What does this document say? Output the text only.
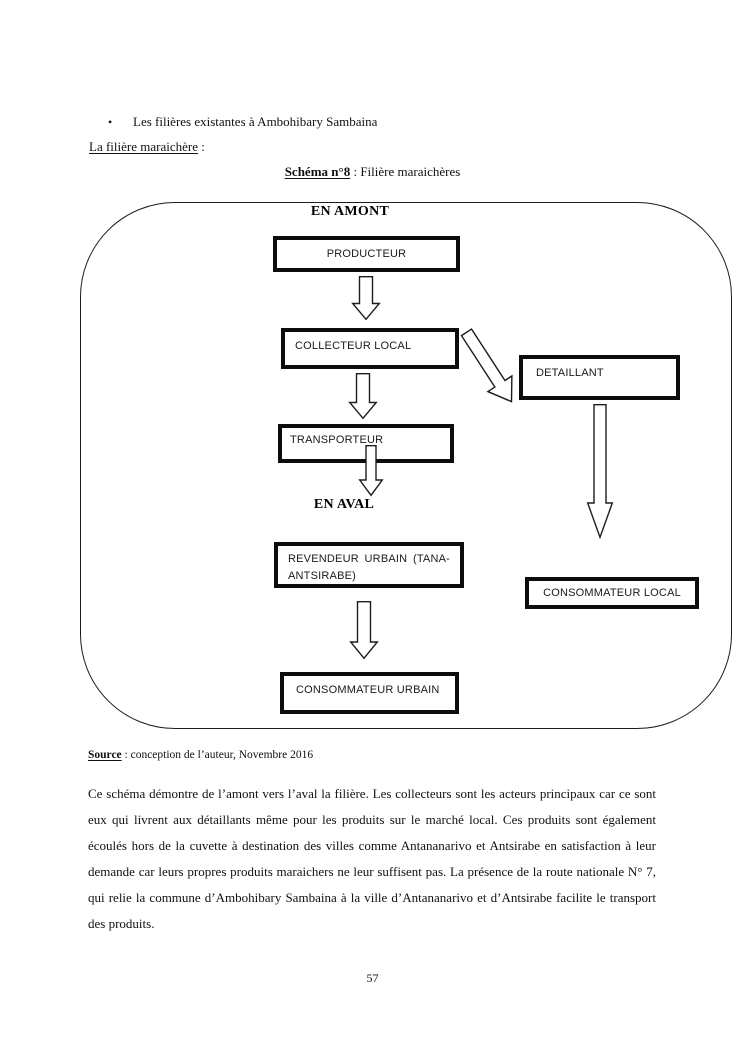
• Les filières existantes à Ambohibary Sambaina
La filière maraichère :
Schéma n°8 : Filière maraichères
EN AMONT
EN AVAL
PRODUCTEUR
COLLECTEUR LOCAL
DETAILLANT
TRANSPORTEUR
REVENDEUR URBAIN (TANA-ANTSIRABE)
CONSOMMATEUR URBAIN
CONSOMMATEUR LOCAL
Source : conception de l’auteur, Novembre 2016

Ce schéma démontre de l’amont vers l’aval la filière. Les collecteurs sont les acteurs principaux car ce sont eux qui livrent aux détaillants même pour les produits sur le marché local. Ces produits sont également écoulés hors de la cuvette à destination des villes comme Antananarivo et Antsirabe en satisfaction à leur demande car leurs propres produits maraichers ne leur suffisent pas. La présence de la route nationale N° 7, qui relie la commune d’Ambohibary Sambaina à la ville d’Antananarivo et d’Antsirabe facilite le transport des produits.

57
